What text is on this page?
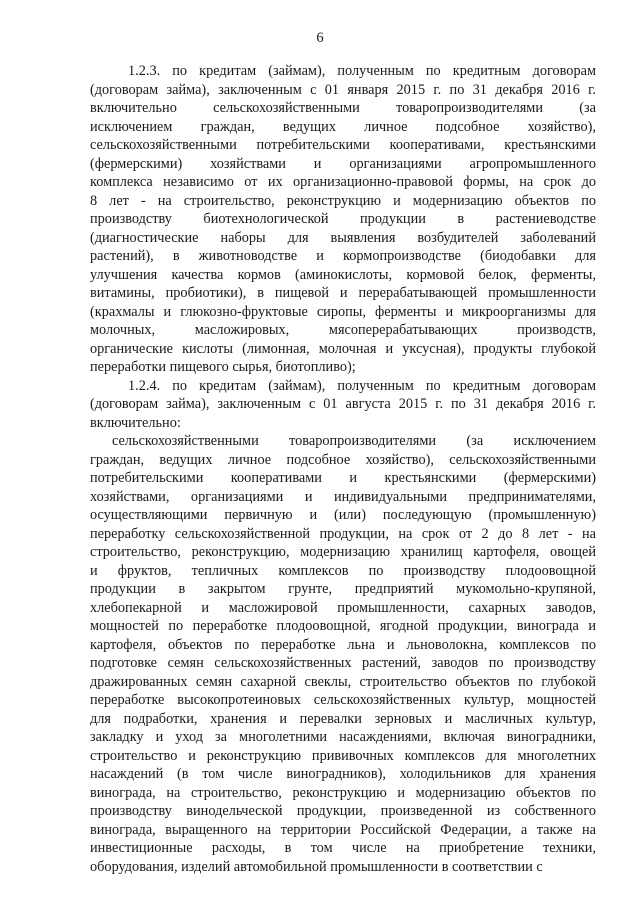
6
1.2.3. по кредитам (займам), полученным по кредитным договорам
(договорам займа), заключенным с 01 января 2015 г. по 31 декабря 2016 г.
включительно сельскохозяйственными товаропроизводителями (за
исключением граждан, ведущих личное подсобное хозяйство),
сельскохозяйственными потребительскими кооперативами, крестьянскими
(фермерскими) хозяйствами и организациями агропромышленного
комплекса независимо от их организационно-правовой формы, на срок до
8 лет - на строительство, реконструкцию и модернизацию объектов по
производству биотехнологической продукции в растениеводстве
(диагностические наборы для выявления возбудителей заболеваний
растений), в животноводстве и кормопроизводстве (биодобавки для
улучшения качества кормов (аминокислоты, кормовой белок, ферменты,
витамины, пробиотики), в пищевой и перерабатывающей промышленности
(крахмалы и глюкозно-фруктовые сиропы, ферменты и микроорганизмы для
молочных, масложировых, мясоперерабатывающих производств,
органические кислоты (лимонная, молочная и уксусная), продукты глубокой
переработки пищевого сырья, биотопливо);
1.2.4. по кредитам (займам), полученным по кредитным договорам
(договорам займа), заключенным с 01 августа 2015 г. по 31 декабря 2016 г.
включительно:
сельскохозяйственными товаропроизводителями (за исключением
граждан, ведущих личное подсобное хозяйство), сельскохозяйственными
потребительскими кооперативами и крестьянскими (фермерскими)
хозяйствами, организациями и индивидуальными предпринимателями,
осуществляющими первичную и (или) последующую (промышленную)
переработку сельскохозяйственной продукции, на срок от 2 до 8 лет - на
строительство, реконструкцию, модернизацию хранилищ картофеля, овощей
и фруктов, тепличных комплексов по производству плодоовощной
продукции в закрытом грунте, предприятий мукомольно-крупяной,
хлебопекарной и масложировой промышленности, сахарных заводов,
мощностей по переработке плодоовощной, ягодной продукции, винограда и
картофеля, объектов по переработке льна и льноволокна, комплексов по
подготовке семян сельскохозяйственных растений, заводов по производству
дражированных семян сахарной свеклы, строительство объектов по глубокой
переработке высокопротеиновых сельскохозяйственных культур, мощностей
для подработки, хранения и перевалки зерновых и масличных культур,
закладку и уход за многолетними насаждениями, включая виноградники,
строительство и реконструкцию прививочных комплексов для многолетних
насаждений (в том числе виноградников), холодильников для хранения
винограда, на строительство, реконструкцию и модернизацию объектов по
производству винодельческой продукции, произведенной из собственного
винограда, выращенного на территории Российской Федерации, а также на
инвестиционные расходы, в том числе на приобретение техники,
оборудования, изделий автомобильной промышленности в соответствии с
